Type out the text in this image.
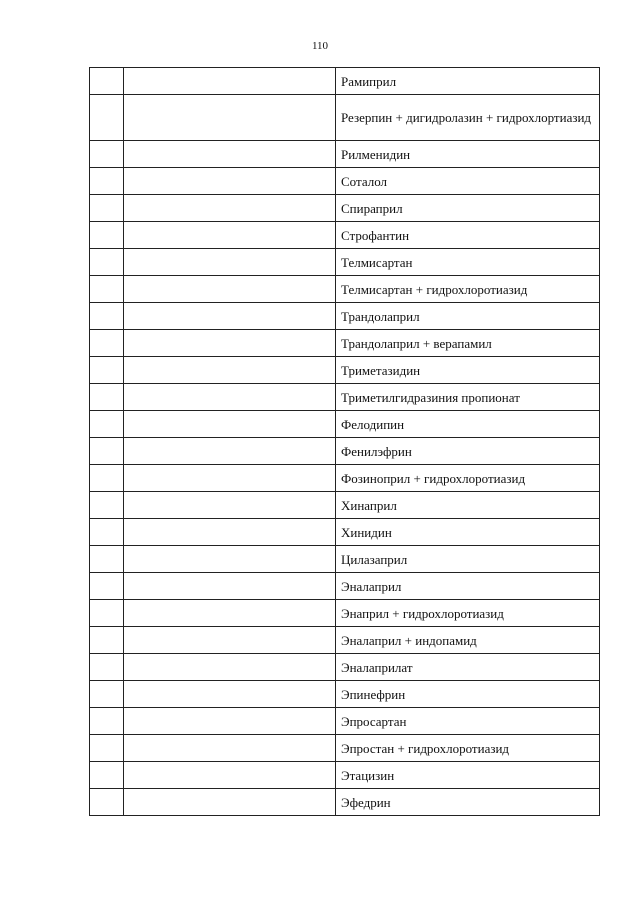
110
		Рамиприл
		Резерпин + дигидролазин + гидрохлортиазид
		Рилменидин
		Соталол
		Спираприл
		Строфантин
		Телмисартан
		Телмисартан + гидрохлоротиазид
		Трандолаприл
		Трандолаприл + верапамил
		Триметазидин
		Триметилгидразиния пропионат
		Фелодипин
		Фенилэфрин
		Фозиноприл + гидрохлоротиазид
		Хинаприл
		Хинидин
		Цилазаприл
		Эналаприл
		Энаприл + гидрохлоротиазид
		Эналаприл + индопамид
		Эналаприлат
		Эпинефрин
		Эпросартан
		Эпростан + гидрохлоротиазид
		Этацизин
		Эфедрин
